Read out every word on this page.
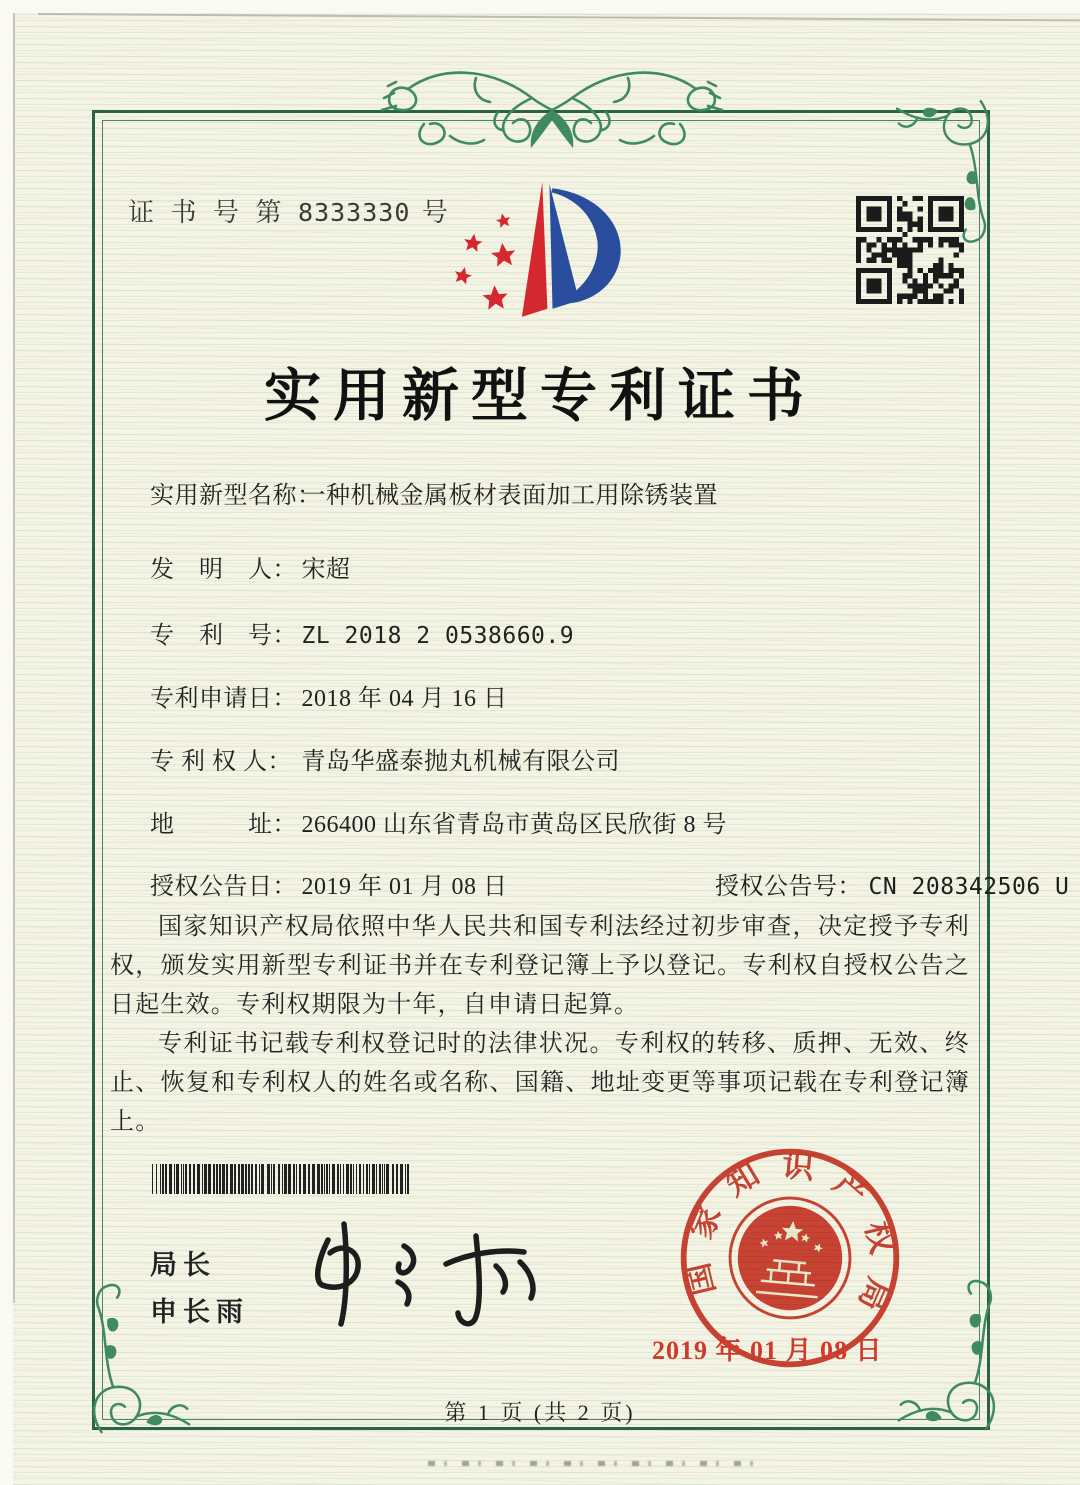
证 书 号 第 8333330 号
实用新型专利证书
实用新型名称： 一种机械金属板材表面加工用除锈装置
发　明　人： 宋超
专　利　号： ZL 2018 2 0538660.9
专利申请日： 2018 年 04 月 16 日
专 利 权 人： 青岛华盛泰抛丸机械有限公司
地　　　址： 266400 山东省青岛市黄岛区民欣街 8 号
授权公告日： 2019 年 01 月 08 日	授权公告号： CN 208342506 U

国家知识产权局依照中华人民共和国专利法经过初步审查，决定授予专利权，颁发实用新型专利证书并在专利登记簿上予以登记。专利权自授权公告之日起生效。专利权期限为十年，自申请日起算。

专利证书记载专利权登记时的法律状况。专利权的转移、质押、无效、终止、恢复和专利权人的姓名或名称、国籍、地址变更等事项记载在专利登记簿上。

局长
申长雨
国家知识产权局
2019 年 01 月 08 日
第 1 页 (共 2 页)
